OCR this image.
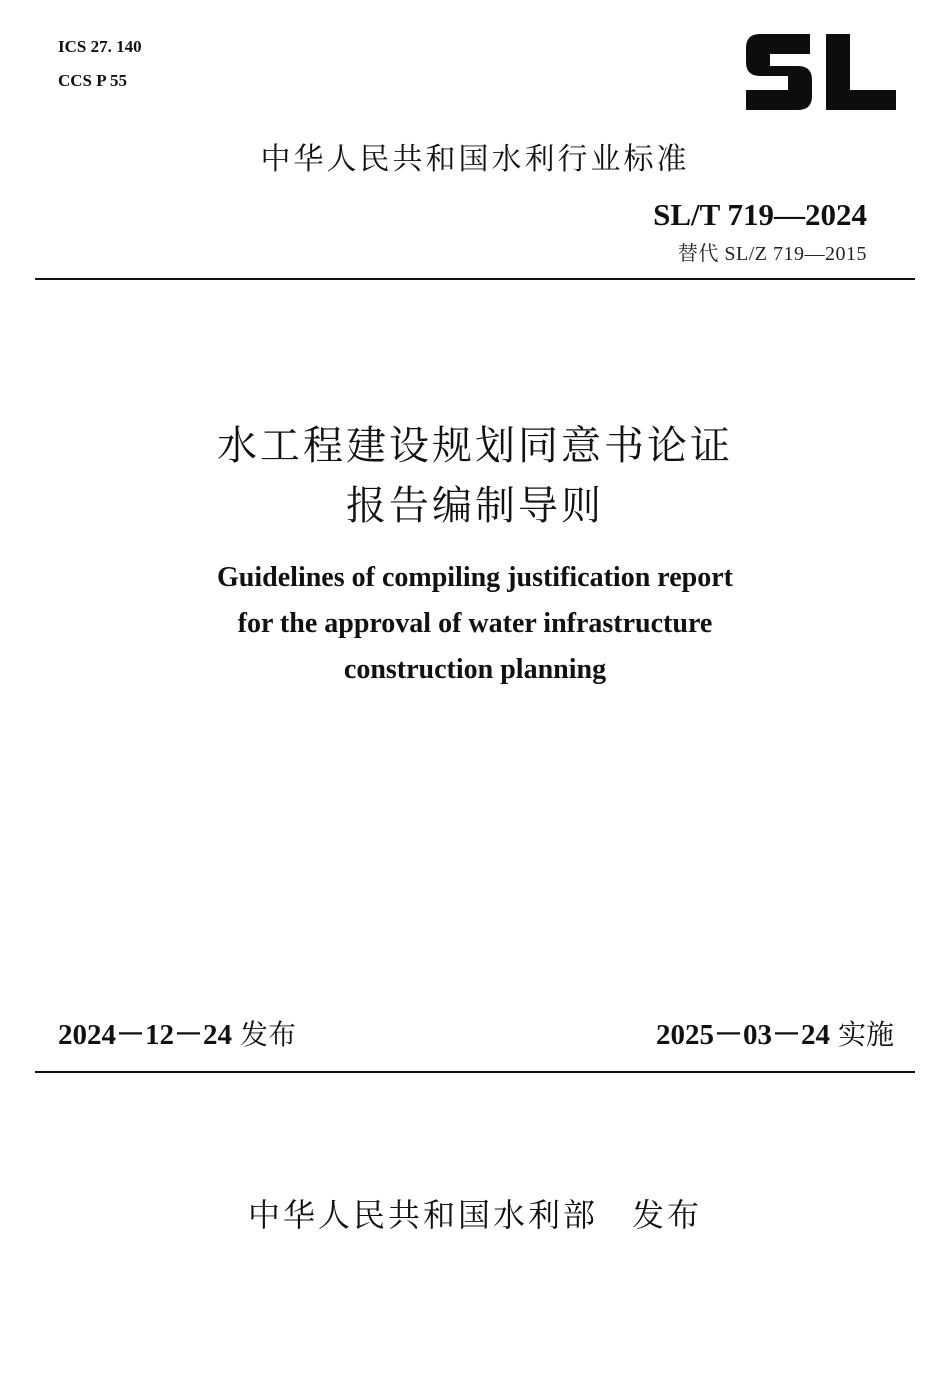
ICS 27. 140
CCS P 55
中华人民共和国水利行业标准
SL/T 719—2024
替代 SL/Z 719—2015
水工程建设规划同意书论证
报告编制导则
Guidelines of compiling justification report
for the approval of water infrastructure
construction planning
2024－12－24 发布	2025－03－24 实施
中华人民共和国水利部 发布
